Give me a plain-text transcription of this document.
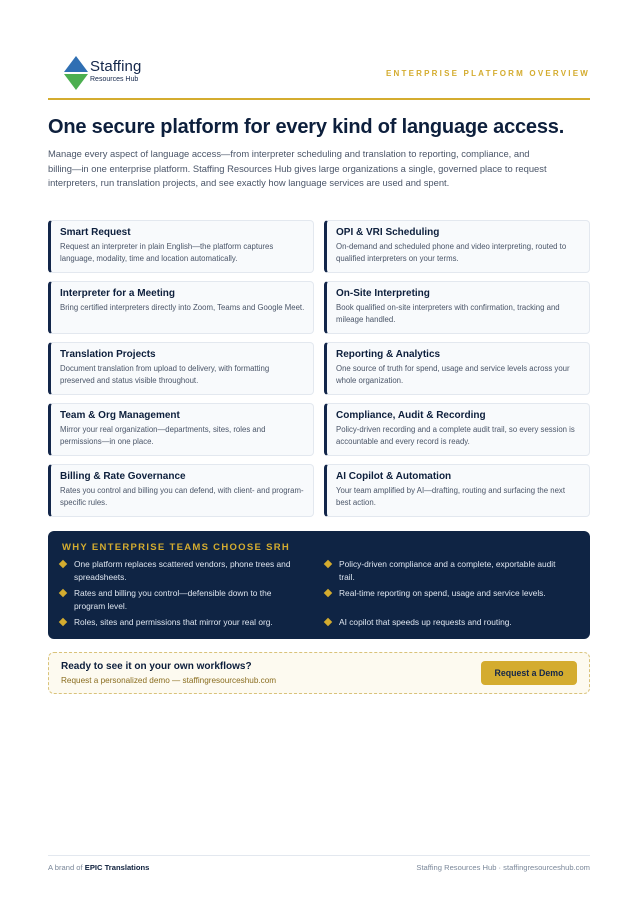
Staffing
Resources Hub
ENTERPRISE PLATFORM OVERVIEW
One secure platform for every kind of language access.

Manage every aspect of language access—from interpreter scheduling and translation to reporting, compliance, and billing—in one enterprise platform. Staffing Resources Hub gives large organizations a single, governed place to request interpreters, run translation projects, and see exactly how language services are used and spent.

Smart Request
Request an interpreter in plain English—the platform captures language, modality, time and location automatically.
OPI & VRI Scheduling
On-demand and scheduled phone and video interpreting, routed to qualified interpreters on your terms.
Interpreter for a Meeting
Bring certified interpreters directly into Zoom, Teams and Google Meet.
On-Site Interpreting
Book qualified on-site interpreters with confirmation, tracking and mileage handled.
Translation Projects
Document translation from upload to delivery, with formatting preserved and status visible throughout.
Reporting & Analytics
One source of truth for spend, usage and service levels across your whole organization.
Team & Org Management
Mirror your real organization—departments, sites, roles and permissions—in one place.
Compliance, Audit & Recording
Policy-driven recording and a complete audit trail, so every session is accountable and every record is ready.
Billing & Rate Governance
Rates you control and billing you can defend, with client- and program-specific rules.
AI Copilot & Automation
Your team amplified by AI—drafting, routing and surfacing the next best action.
WHY ENTERPRISE TEAMS CHOOSE SRH
One platform replaces scattered vendors, phone trees and spreadsheets.
Policy-driven compliance and a complete, exportable audit trail.
Rates and billing you control—defensible down to the program level.
Real-time reporting on spend, usage and service levels.
Roles, sites and permissions that mirror your real org.	AI copilot that speeds up requests and routing.
Ready to see it on your own workflows?
Request a personalized demo — staffingresourceshub.com
Request a Demo
A brand of EPIC Translations	Staffing Resources Hub · staffingresourceshub.com
